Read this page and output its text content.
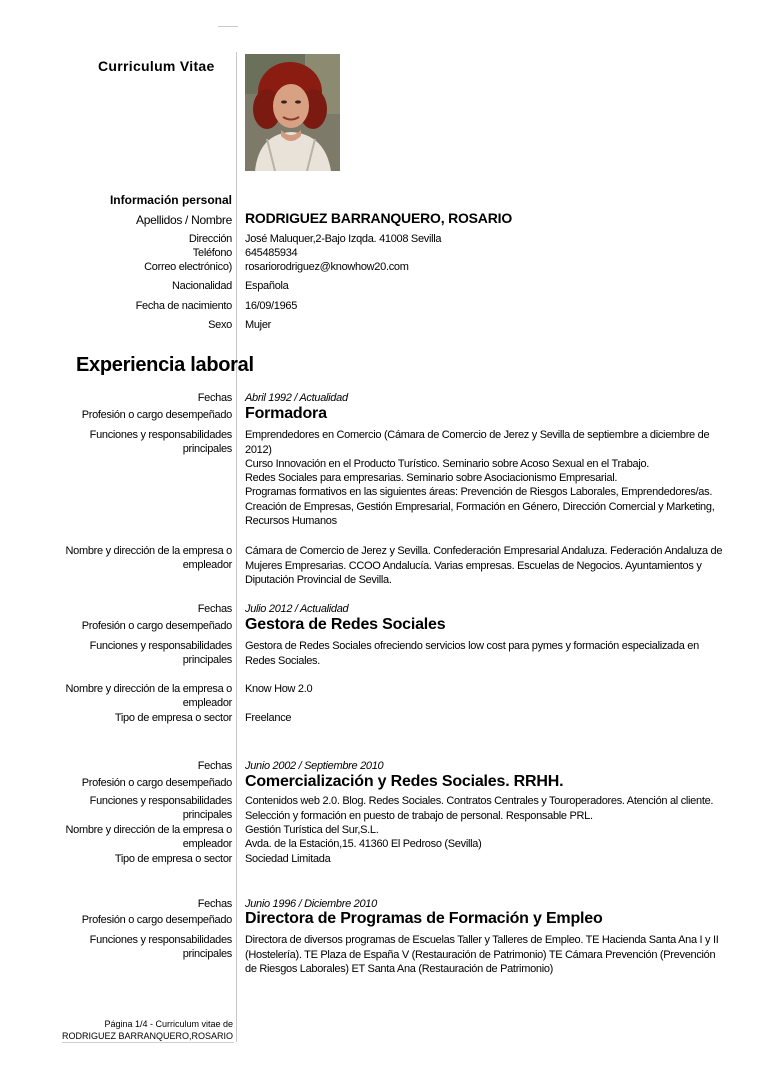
Curriculum Vitae
Información personal
Apellidos / Nombre RODRIGUEZ BARRANQUERO, ROSARIO
Dirección José Maluquer,2-Bajo Izqda. 41008 Sevilla
Teléfono 645485934
Correo electrónico) rosariorodriguez@knowhow20.com
Nacionalidad Española
Fecha de nacimiento 16/09/1965
Sexo Mujer
Experiencia laboral
Fechas Abril 1992 / Actualidad
Profesión o cargo desempeñado Formadora
Funciones y responsabilidades principales
Emprendedores en Comercio (Cámara de Comercio de Jerez y Sevilla de septiembre a diciembre de 2012)
Curso Innovación en el Producto Turístico. Seminario sobre Acoso Sexual en el Trabajo.
Redes Sociales para empresarias. Seminario sobre Asociacionismo Empresarial.
Programas formativos en las siguientes áreas: Prevención de Riesgos Laborales, Emprendedores/as. Creación de Empresas, Gestión Empresarial, Formación en Género, Dirección Comercial y Marketing, Recursos Humanos
Nombre y dirección de la empresa o empleador
Cámara de Comercio de Jerez y Sevilla. Confederación Empresarial Andaluza. Federación Andaluza de Mujeres Empresarias. CCOO Andalucía. Varias empresas. Escuelas de Negocios. Ayuntamientos y Diputación Provincial de Sevilla.
Fechas Julio 2012 / Actualidad
Profesión o cargo desempeñado Gestora de Redes Sociales
Funciones y responsabilidades principales
Gestora de Redes Sociales ofreciendo servicios low cost para pymes y formación especializada en Redes Sociales.
Nombre y dirección de la empresa o empleador
Know How 2.0
Tipo de empresa o sector Freelance
Fechas Junio 2002 / Septiembre 2010
Profesión o cargo desempeñado Comercialización y Redes Sociales. RRHH.
Funciones y responsabilidades principales
Contenidos web 2.0. Blog. Redes Sociales. Contratos Centrales y Touroperadores. Atención al cliente. Selección y formación en puesto de trabajo de personal. Responsable PRL.
Nombre y dirección de la empresa o empleador
Gestión Turística del Sur,S.L.
Avda. de la Estación,15. 41360 El Pedroso (Sevilla)
Tipo de empresa o sector Sociedad Limitada
Fechas Junio 1996 / Diciembre 2010
Profesión o cargo desempeñado Directora de Programas de Formación y Empleo
Funciones y responsabilidades principales
Directora de diversos programas de Escuelas Taller y Talleres de Empleo. TE Hacienda Santa Ana I y II (Hostelería). TE Plaza de España V (Restauración de Patrimonio) TE Cámara Prevención (Prevención de Riesgos Laborales) ET Santa Ana (Restauración de Patrimonio)
Página 1/4 - Curriculum vitae de
RODRIGUEZ BARRANQUERO,ROSARIO
